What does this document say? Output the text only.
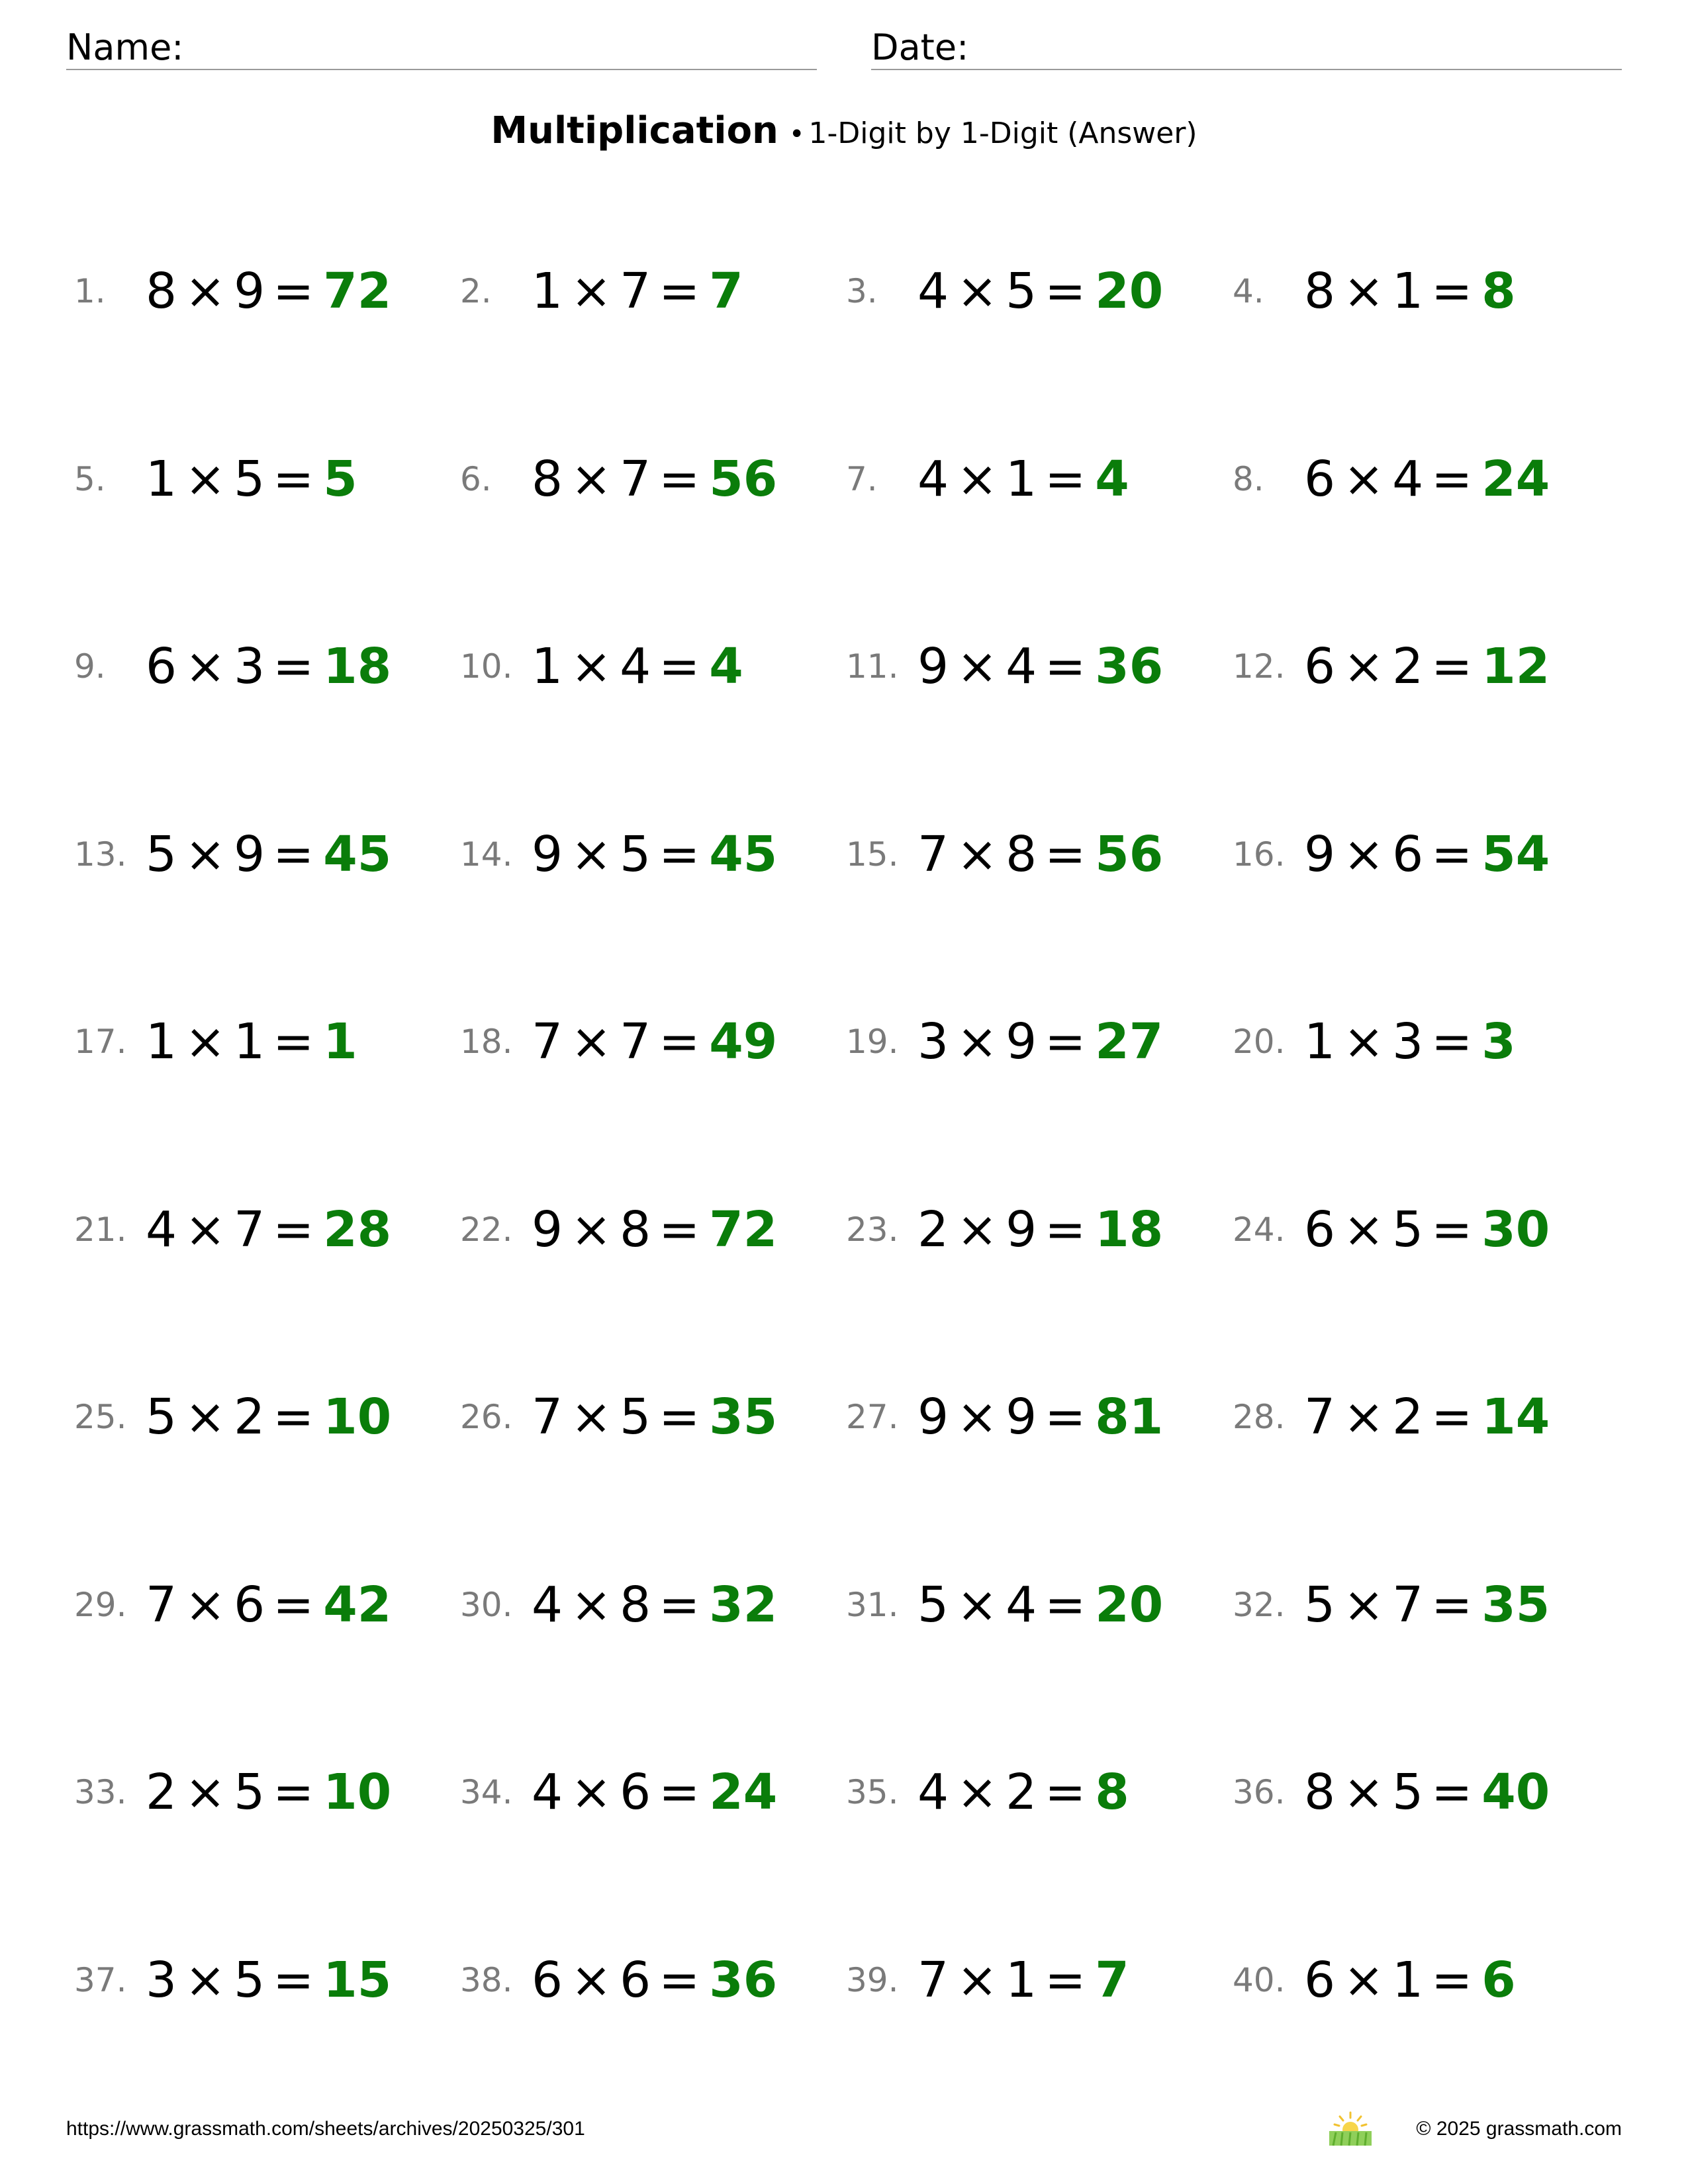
Name:	Date:
Multiplication • 1-Digit by 1-Digit (Answer)
1. 8 × 9 = 72 2. 1 × 7 = 7	3. 4 × 5 = 20 4. 8 × 1 = 8
5. 1 × 5 = 5	6. 8 × 7 = 56 7. 4 × 1 = 4	8. 6 × 4 = 24
9. 6 × 3 = 18 10. 1 × 4 = 4	11. 9 × 4 = 36 12. 6 × 2 = 12
13. 5 × 9 = 45 14. 9 × 5 = 45 15. 7 × 8 = 56 16. 9 × 6 = 54
17. 1 × 1 = 1	18. 7 × 7 = 49 19. 3 × 9 = 27 20. 1 × 3 = 3
21. 4 × 7 = 28 22. 9 × 8 = 72 23. 2 × 9 = 18 24. 6 × 5 = 30
25. 5 × 2 = 10 26. 7 × 5 = 35 27. 9 × 9 = 81 28. 7 × 2 = 14
29. 7 × 6 = 42 30. 4 × 8 = 32 31. 5 × 4 = 20 32. 5 × 7 = 35
33. 2 × 5 = 10 34. 4 × 6 = 24 35. 4 × 2 = 8	36. 8 × 5 = 40
37. 3 × 5 = 15 38. 6 × 6 = 36 39. 7 × 1 = 7	40. 6 × 1 = 6
https://www.grassmath.com/sheets/archives/20250325/301	© 2025 grassmath.com
